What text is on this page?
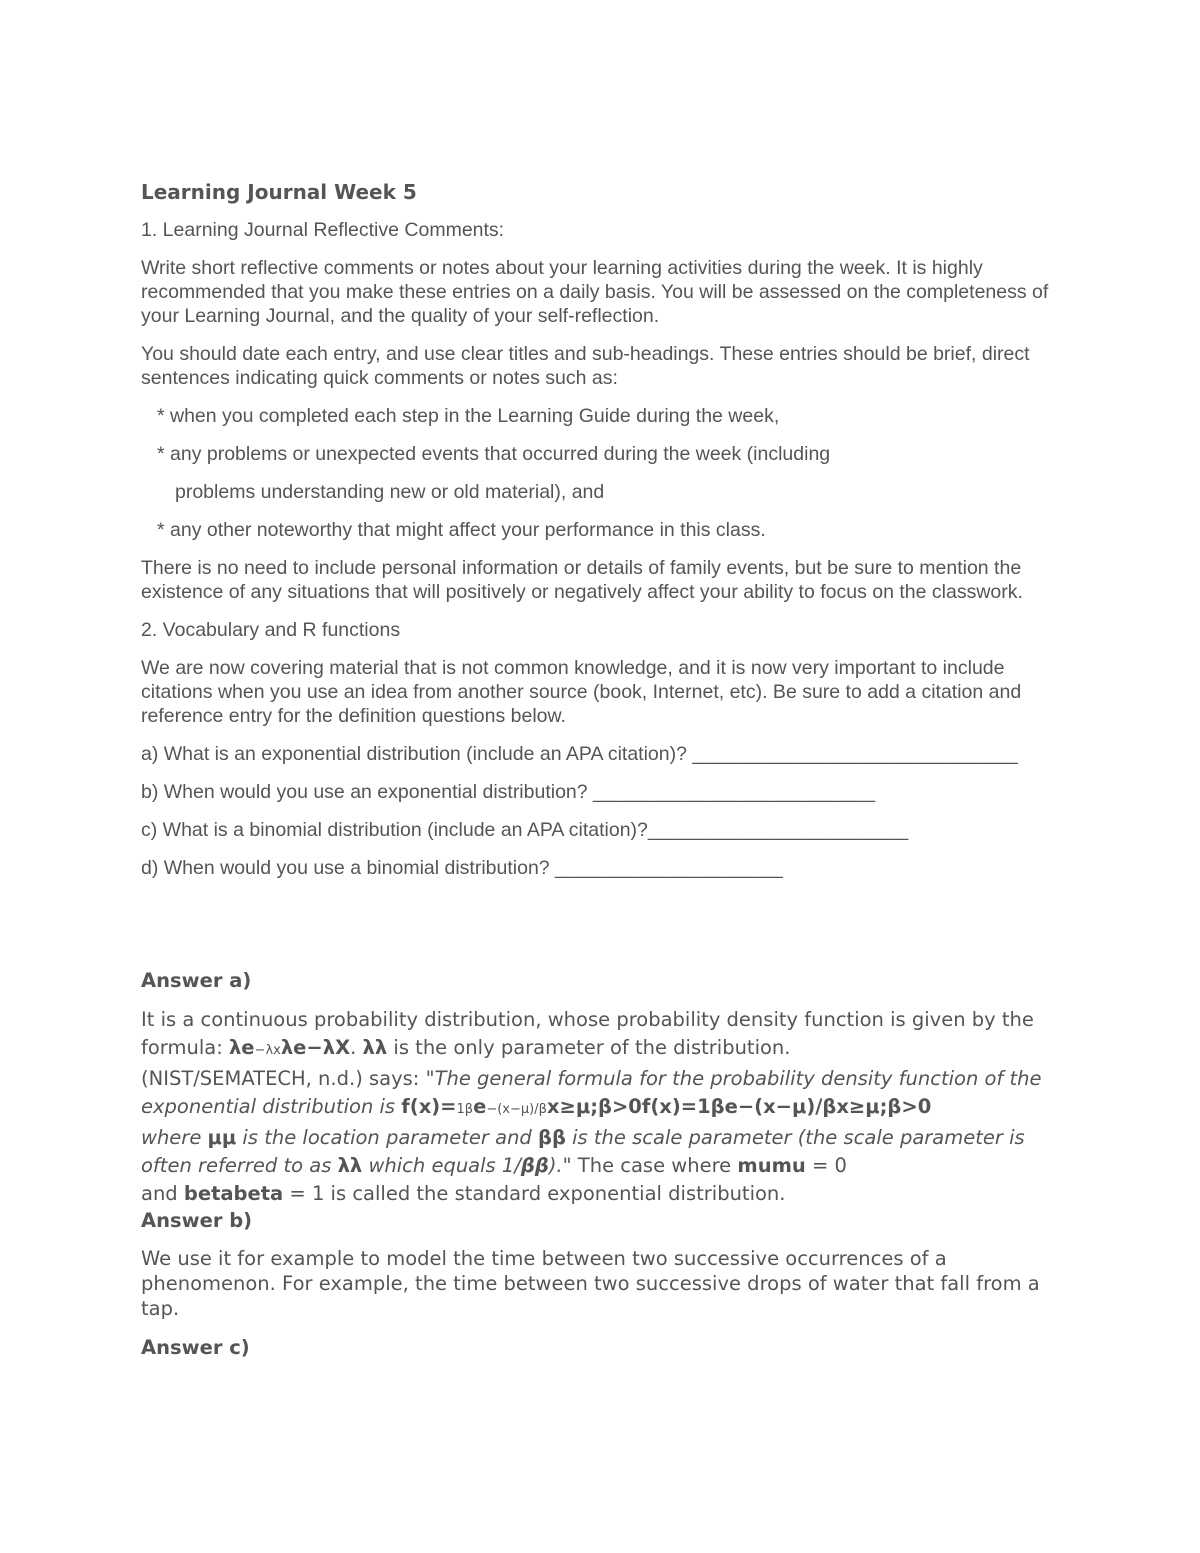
Learning Journal Week 5

1. Learning Journal Reflective Comments:

Write short reflective comments or notes about your learning activities during the week. It is highly recommended that you make these entries on a daily basis. You will be assessed on the completeness of your Learning Journal, and the quality of your self-reflection.

You should date each entry, and use clear titles and sub-headings. These entries should be brief, direct sentences indicating quick comments or notes such as:

* when you completed each step in the Learning Guide during the week,

* any problems or unexpected events that occurred during the week (including

problems understanding new or old material), and

* any other noteworthy that might affect your performance in this class.

There is no need to include personal information or details of family events, but be sure to mention the existence of any situations that will positively or negatively affect your ability to focus on the classwork.

2. Vocabulary and R functions

We are now covering material that is not common knowledge, and it is now very important to include citations when you use an idea from another source (book, Internet, etc). Be sure to add a citation and reference entry for the definition questions below.

a) What is an exponential distribution (include an APA citation)? ______________________________

b) When would you use an exponential distribution? __________________________

c) What is a binomial distribution (include an APA citation)?________________________

d) When would you use a binomial distribution? _____________________

Answer a)

It is a continuous probability distribution, whose probability density function is given by the formula: λe−λxλe−λX. λλ is the only parameter of the distribution.

(NIST/SEMATECH, n.d.) says: "The general formula for the probability density function of the exponential distribution is f(x)=1βe−(x−μ)/βx≥μ;β>0f(x)=1βe−(x−μ)/βx≥μ;β>0

where μμ is the location parameter and ββ is the scale parameter (the scale parameter is often referred to as λλ which equals 1/ββ)." The case where mumu = 0

and betabeta = 1 is called the standard exponential distribution.

Answer b)

We use it for example to model the time between two successive occurrences of a phenomenon. For example, the time between two successive drops of water that fall from a tap.

Answer c)
